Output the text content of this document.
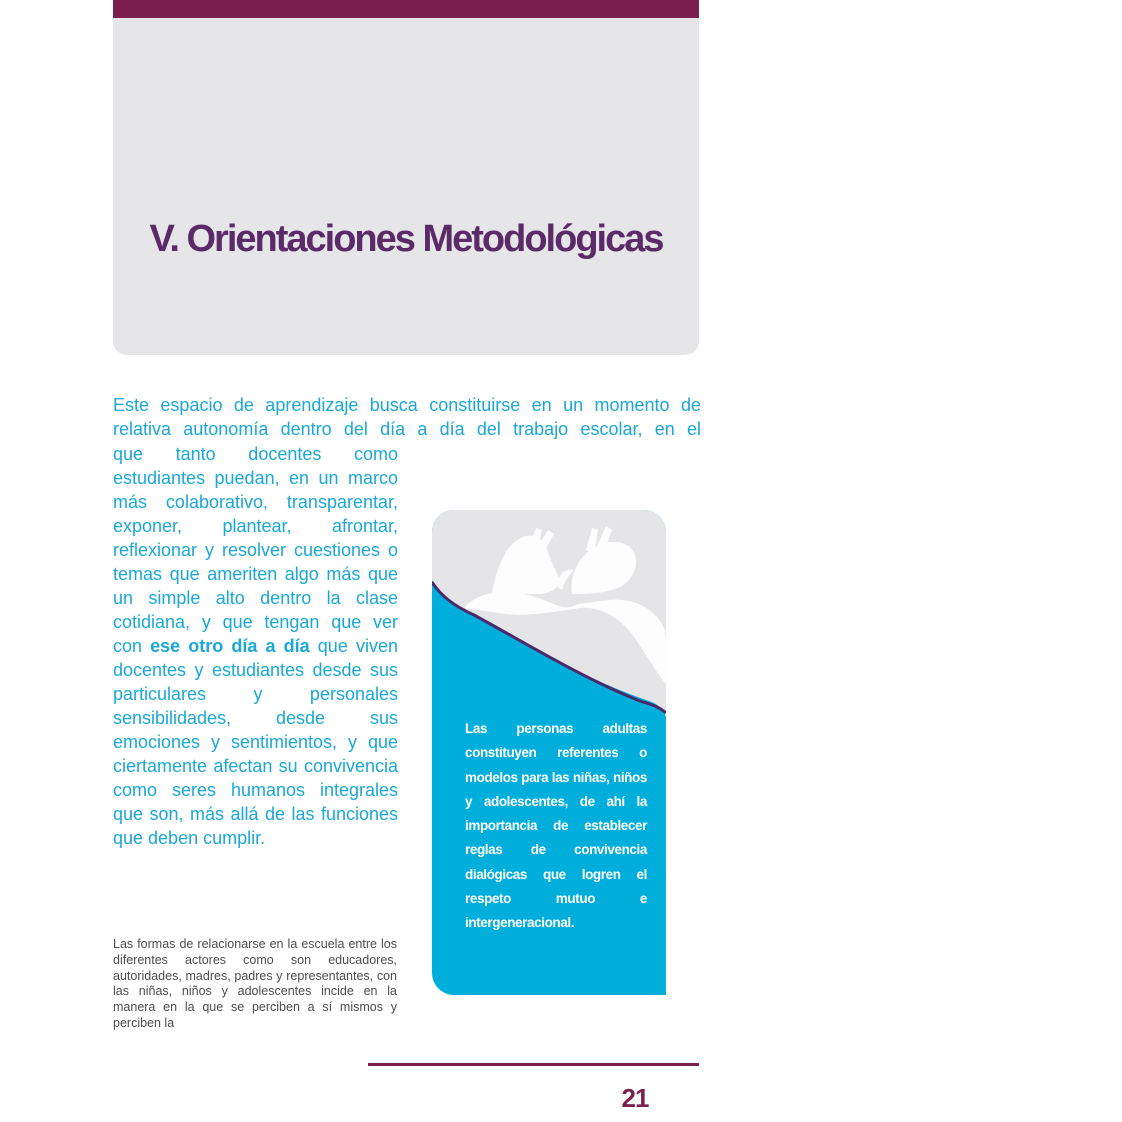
V. Orientaciones Metodológicas

Este espacio de aprendizaje busca constituirse en un momento de relativa autonomía dentro del día a día del trabajo escolar, en el

que tanto docentes como estudiantes puedan, en un marco más colaborativo, transparentar, exponer, plantear, afrontar, reflexionar y resolver cuestiones o temas que ameriten algo más que un simple alto dentro la clase cotidiana, y que tengan que ver con ese otro día a día que viven docentes y estudiantes desde sus particulares y personales sensibilidades, desde sus emociones y sentimientos, y que ciertamente afectan su convivencia como seres humanos integrales que son, más allá de las funciones que deben cumplir.

Las formas de relacionarse en la escuela entre los diferentes actores como son educadores, autoridades, madres, padres y representantes, con las niñas, niños y adolescentes incide en la manera en la que se perciben a sí mismos y perciben la

Las personas adultas constituyen referentes o modelos para las niñas, niños y adolescentes, de ahí la importancia de establecer reglas de convivencia dialógicas que logren el respeto mutuo e intergeneracional.

21
